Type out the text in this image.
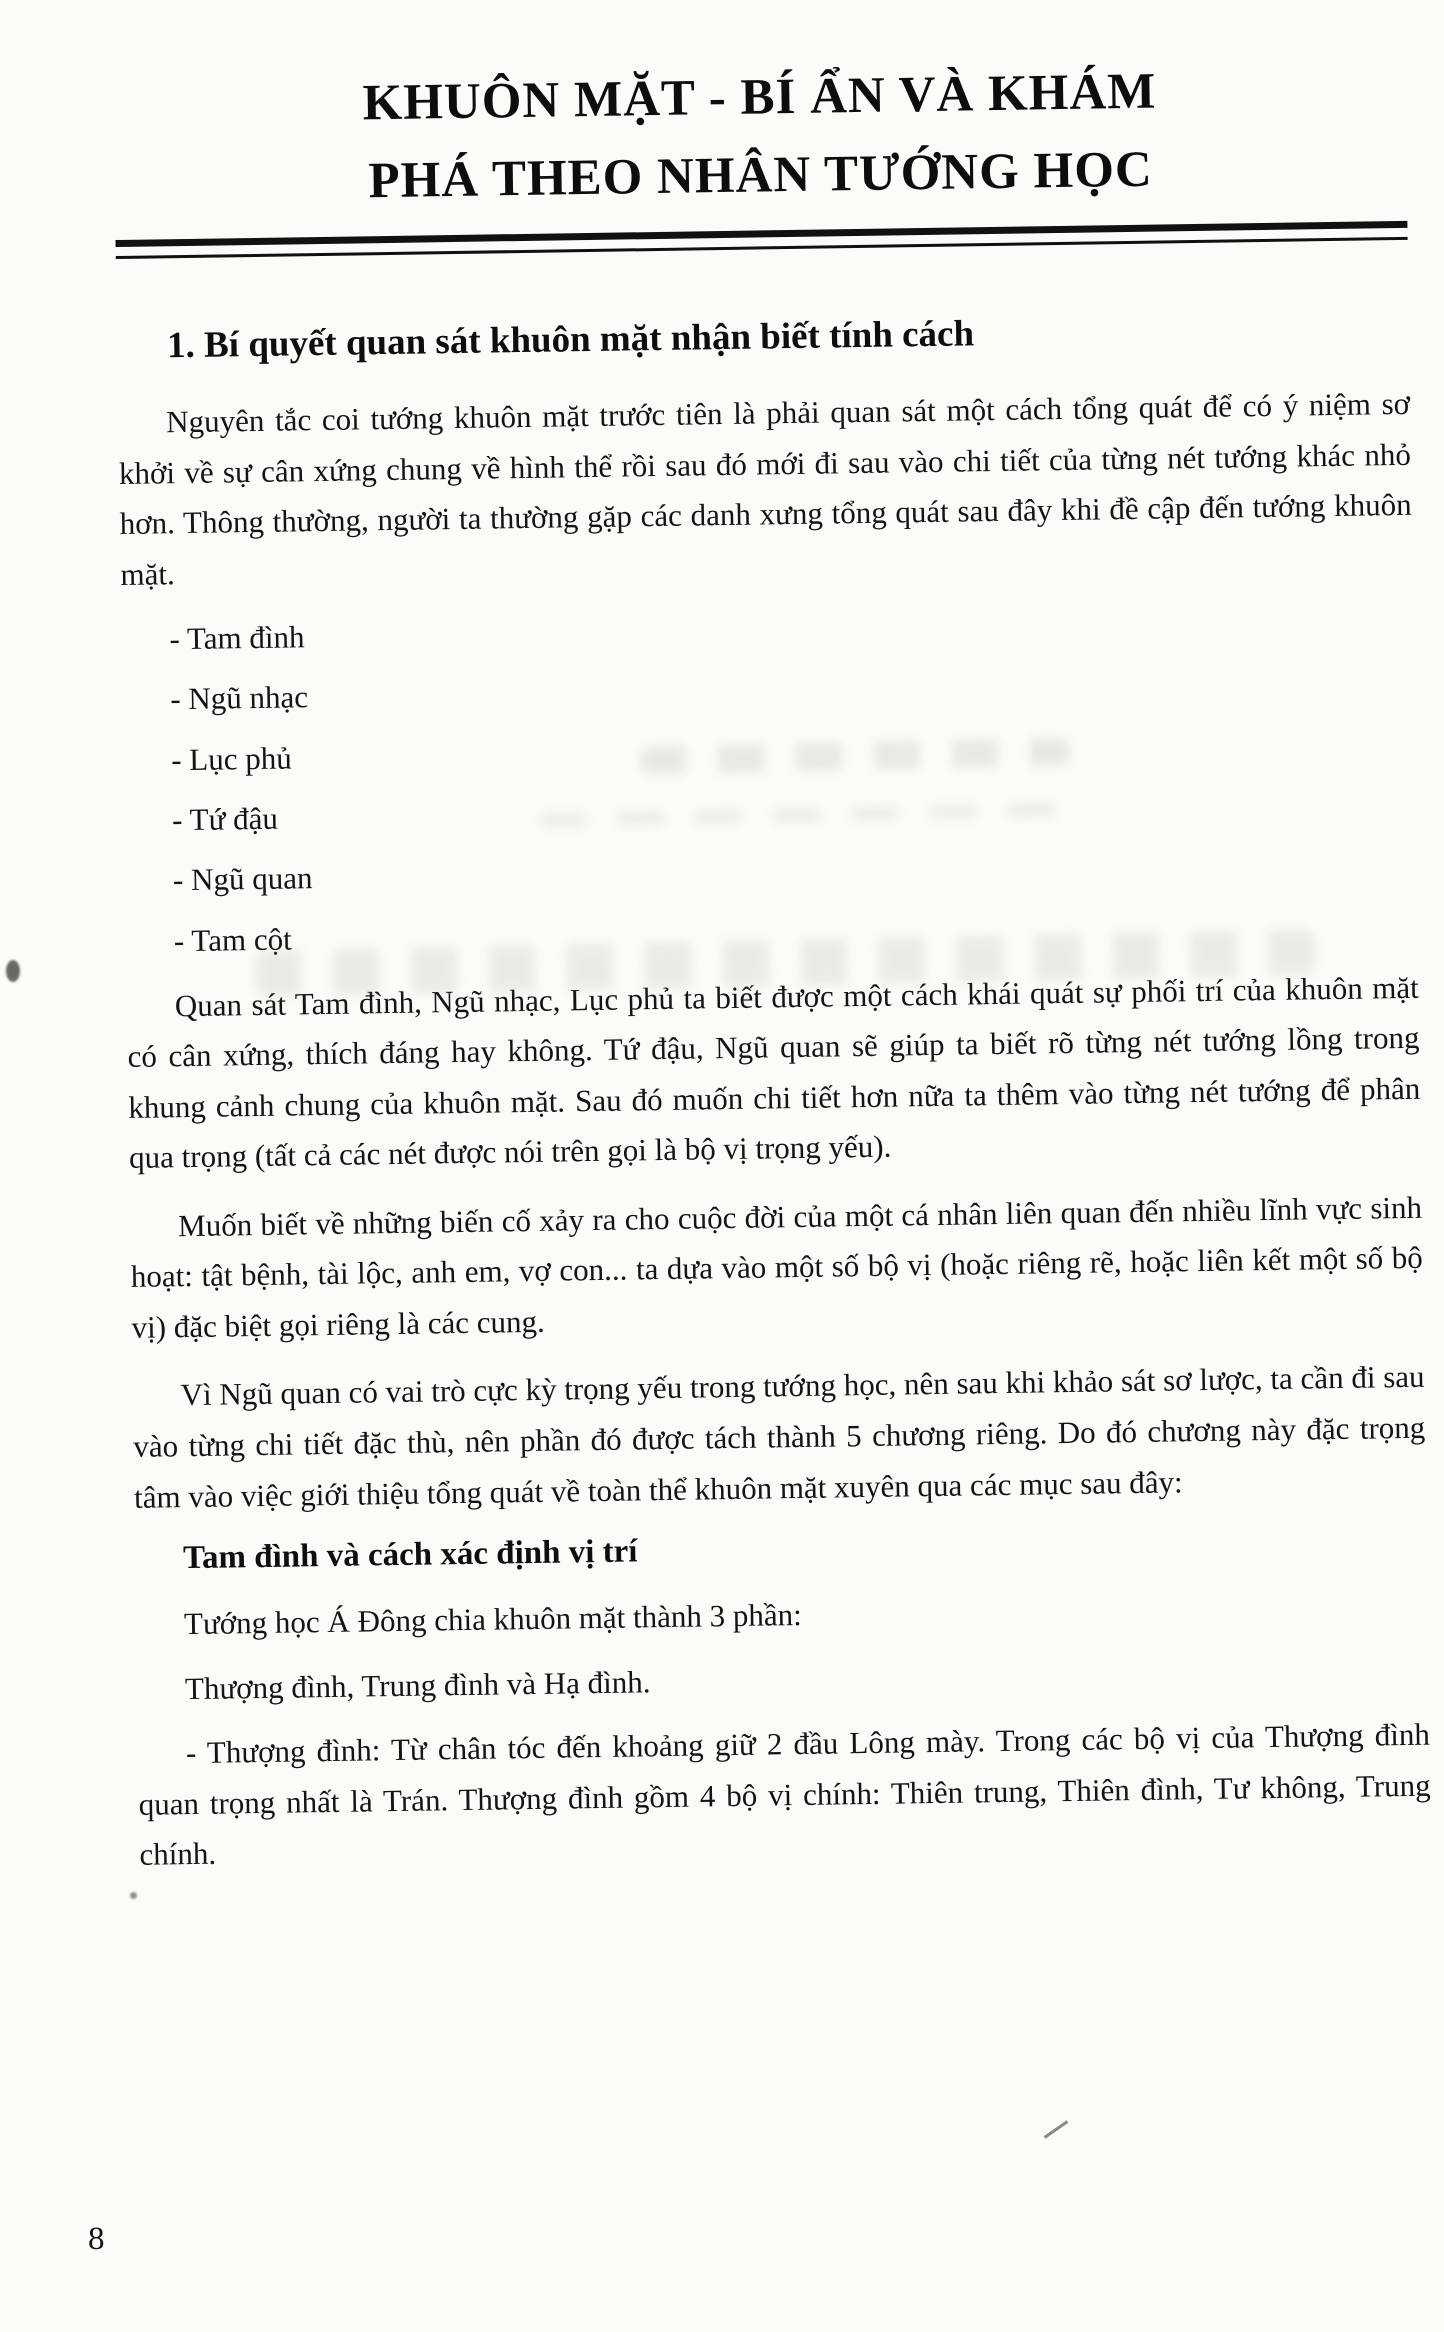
KHUÔN MẶT - BÍ ẨN VÀ KHÁM
PHÁ THEO NHÂN TƯỚNG HỌC
1. Bí quyết quan sát khuôn mặt nhận biết tính cách

Nguyên tắc coi tướng khuôn mặt trước tiên là phải quan sát một cách tổng quát để có ý niệm sơ khởi về sự cân xứng chung về hình thể rồi sau đó mới đi sau vào chi tiết của từng nét tướng khác nhỏ hơn. Thông thường, người ta thường gặp các danh xưng tổng quát sau đây khi đề cập đến tướng khuôn mặt.

- Tam đình
- Ngũ nhạc
- Lục phủ
- Tứ đậu
- Ngũ quan
- Tam cột

Quan sát Tam đình, Ngũ nhạc, Lục phủ ta biết được một cách khái quát sự phối trí của khuôn mặt có cân xứng, thích đáng hay không. Tứ đậu, Ngũ quan sẽ giúp ta biết rõ từng nét tướng lồng trong khung cảnh chung của khuôn mặt. Sau đó muốn chi tiết hơn nữa ta thêm vào từng nét tướng để phân qua trọng (tất cả các nét được nói trên gọi là bộ vị trọng yếu).

Muốn biết về những biến cố xảy ra cho cuộc đời của một cá nhân liên quan đến nhiều lĩnh vực sinh hoạt: tật bệnh, tài lộc, anh em, vợ con... ta dựa vào một số bộ vị (hoặc riêng rẽ, hoặc liên kết một số bộ vị) đặc biệt gọi riêng là các cung.

Vì Ngũ quan có vai trò cực kỳ trọng yếu trong tướng học, nên sau khi khảo sát sơ lược, ta cần đi sau vào từng chi tiết đặc thù, nên phần đó được tách thành 5 chương riêng. Do đó chương này đặc trọng tâm vào việc giới thiệu tổng quát về toàn thể khuôn mặt xuyên qua các mục sau đây:

Tam đình và cách xác định vị trí

Tướng học Á Đông chia khuôn mặt thành 3 phần:

Thượng đình, Trung đình và Hạ đình.

- Thượng đình: Từ chân tóc đến khoảng giữ 2 đầu Lông mày. Trong các bộ vị của Thượng đình quan trọng nhất là Trán. Thượng đình gồm 4 bộ vị chính: Thiên trung, Thiên đình, Tư không, Trung chính.

8
